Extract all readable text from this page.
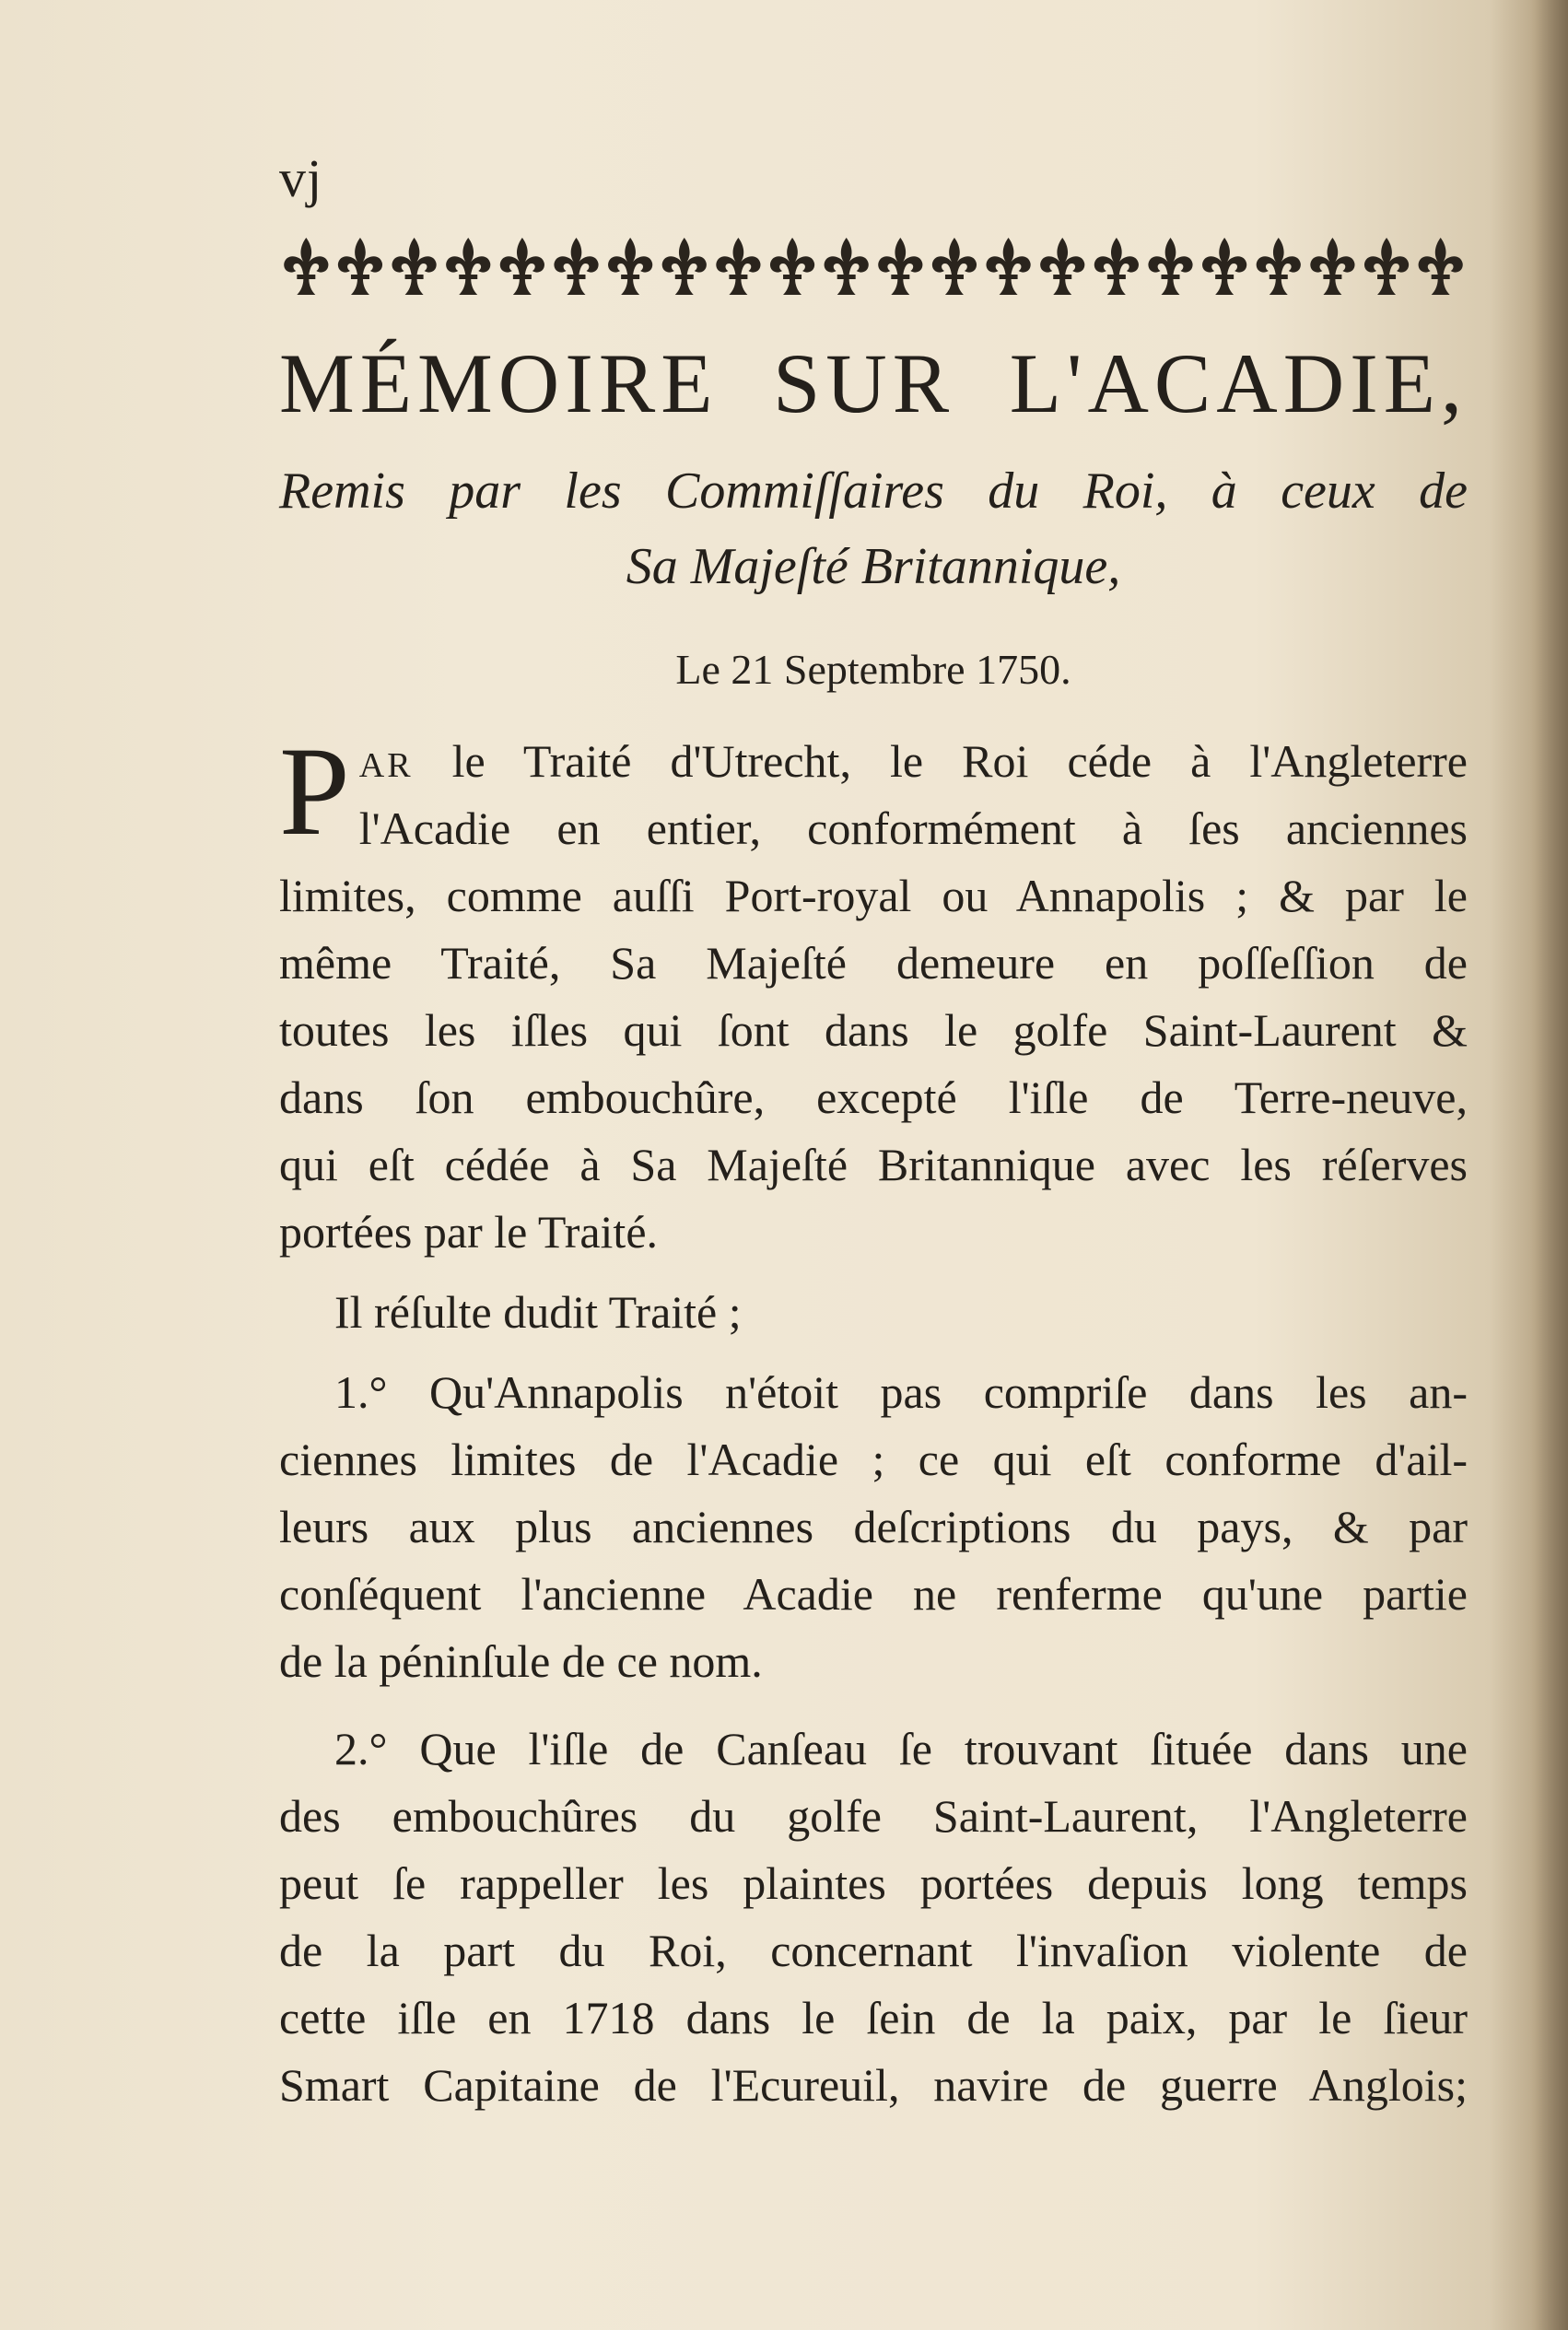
vj
MÉMOIRE SUR L'ACADIE,
Remis par les Commiſſaires du Roi, à ceux de
Sa Majeſté Britannique,
Le 21 Septembre 1750.
P AR le Traité d'Utrecht, le Roi céde à l'Angleterre
l'Acadie en entier, conformément à ſes anciennes
limites, comme auſſi Port-royal ou Annapolis ; & par le
même Traité, Sa Majeſté demeure en poſſeſſion de
toutes les iſles qui ſont dans le golfe Saint-Laurent &
dans ſon embouchûre, excepté l'iſle de Terre-neuve,
qui eſt cédée à Sa Majeſté Britannique avec les réſerves
portées par le Traité.
Il réſulte dudit Traité ;
1.° Qu'Annapolis n'étoit pas compriſe dans les an-
ciennes limites de l'Acadie ; ce qui eſt conforme d'ail-
leurs aux plus anciennes deſcriptions du pays, & par
conſéquent l'ancienne Acadie ne renferme qu'une partie
de la péninſule de ce nom.
2.° Que l'iſle de Canſeau ſe trouvant ſituée dans une
des embouchûres du golfe Saint-Laurent, l'Angleterre
peut ſe rappeller les plaintes portées depuis long temps
de la part du Roi, concernant l'invaſion violente de
cette iſle en 1718 dans le ſein de la paix, par le ſieur
Smart Capitaine de l'Ecureuil, navire de guerre Anglois;
